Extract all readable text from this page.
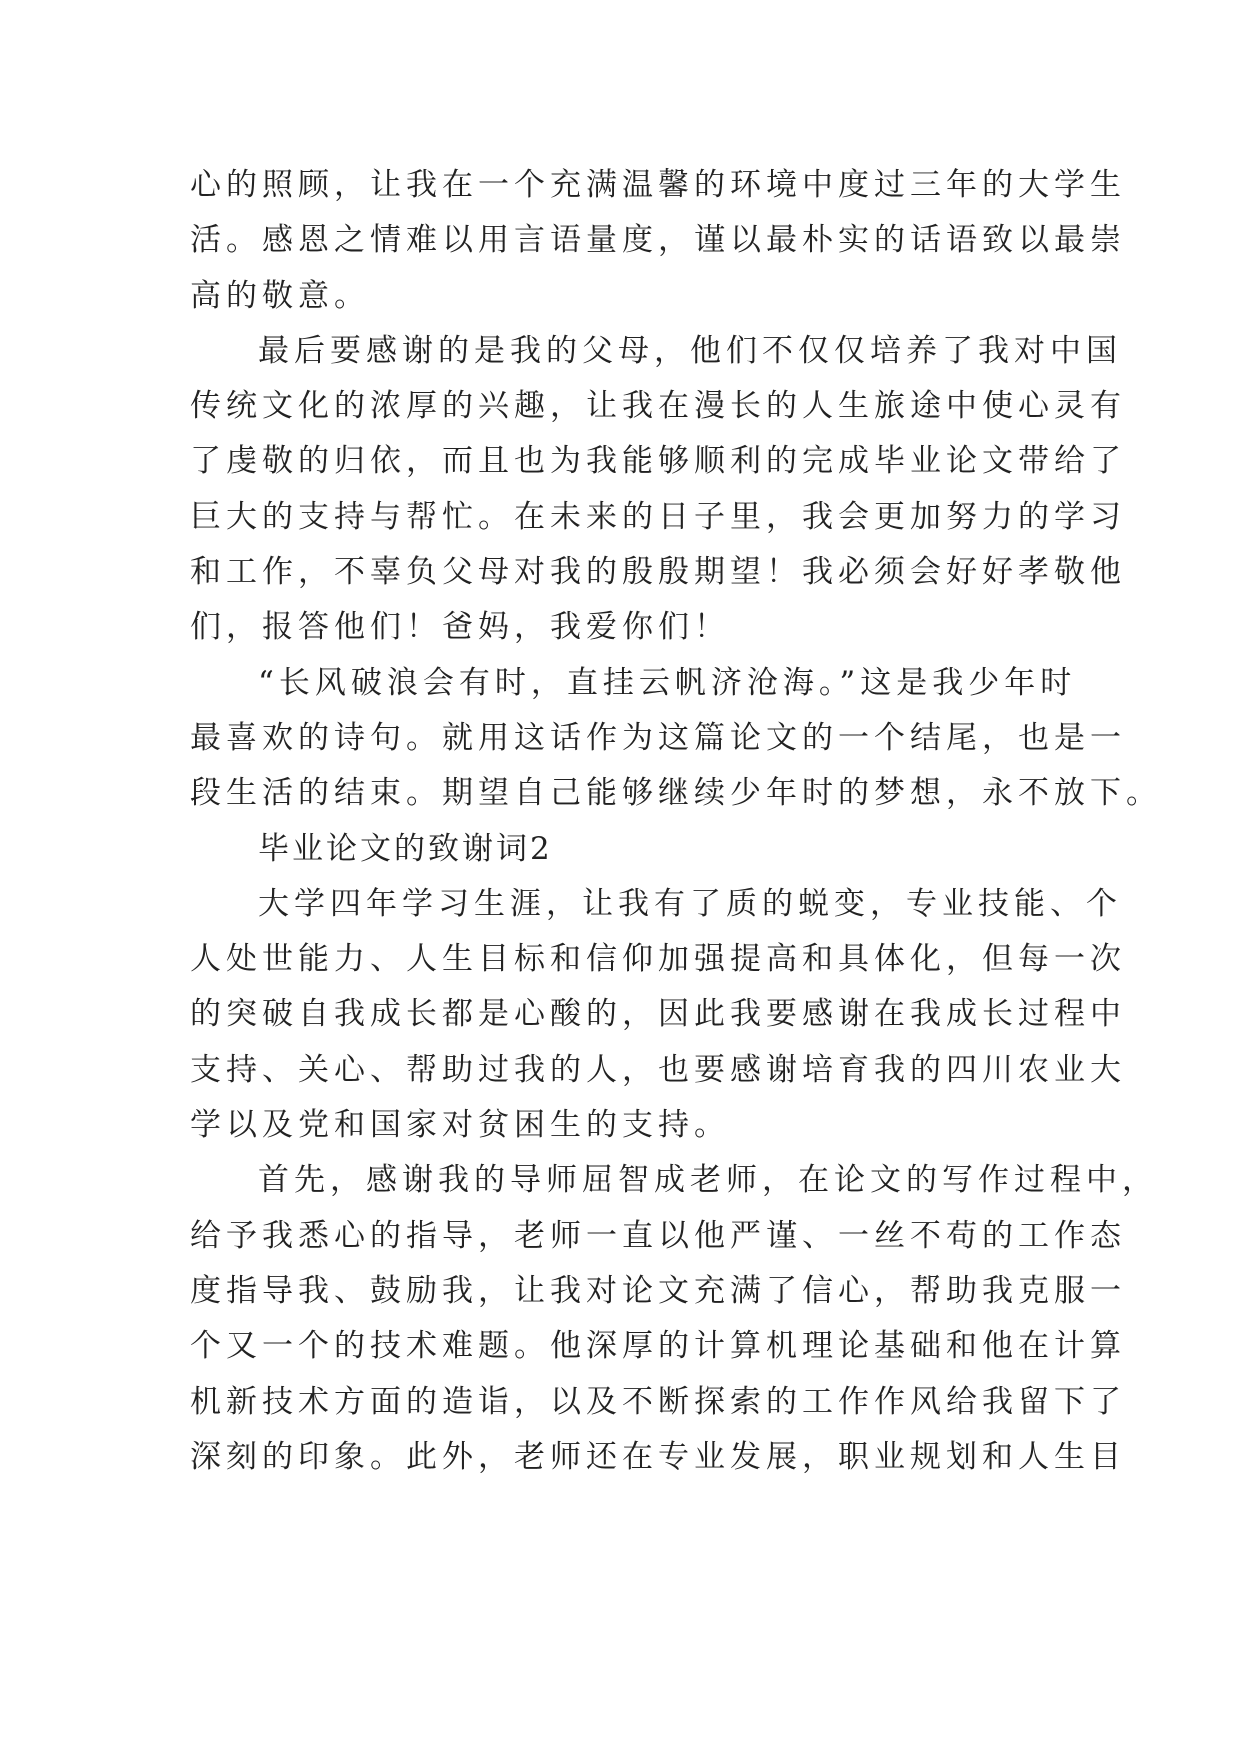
心的照顾，让我在一个充满温馨的环境中度过三年的大学生
活。感恩之情难以用言语量度，谨以最朴实的话语致以最崇
高的敬意。

最后要感谢的是我的父母，他们不仅仅培养了我对中国
传统文化的浓厚的兴趣，让我在漫长的人生旅途中使心灵有
了虔敬的归依，而且也为我能够顺利的完成毕业论文带给了
巨大的支持与帮忙。在未来的日子里，我会更加努力的学习
和工作，不辜负父母对我的殷殷期望！我必须会好好孝敬他
们，报答他们！爸妈，我爱你们！

“长风破浪会有时，直挂云帆济沧海。”这是我少年时
最喜欢的诗句。就用这话作为这篇论文的一个结尾，也是一
段生活的结束。期望自己能够继续少年时的梦想，永不放下。

毕业论文的致谢词2

大学四年学习生涯，让我有了质的蜕变，专业技能、个
人处世能力、人生目标和信仰加强提高和具体化，但每一次
的突破自我成长都是心酸的，因此我要感谢在我成长过程中
支持、关心、帮助过我的人，也要感谢培育我的四川农业大
学以及党和国家对贫困生的支持。

首先，感谢我的导师屈智成老师，在论文的写作过程中，
给予我悉心的指导，老师一直以他严谨、一丝不苟的工作态
度指导我、鼓励我，让我对论文充满了信心，帮助我克服一
个又一个的技术难题。他深厚的计算机理论基础和他在计算
机新技术方面的造诣，以及不断探索的工作作风给我留下了
深刻的印象。此外，老师还在专业发展，职业规划和人生目
